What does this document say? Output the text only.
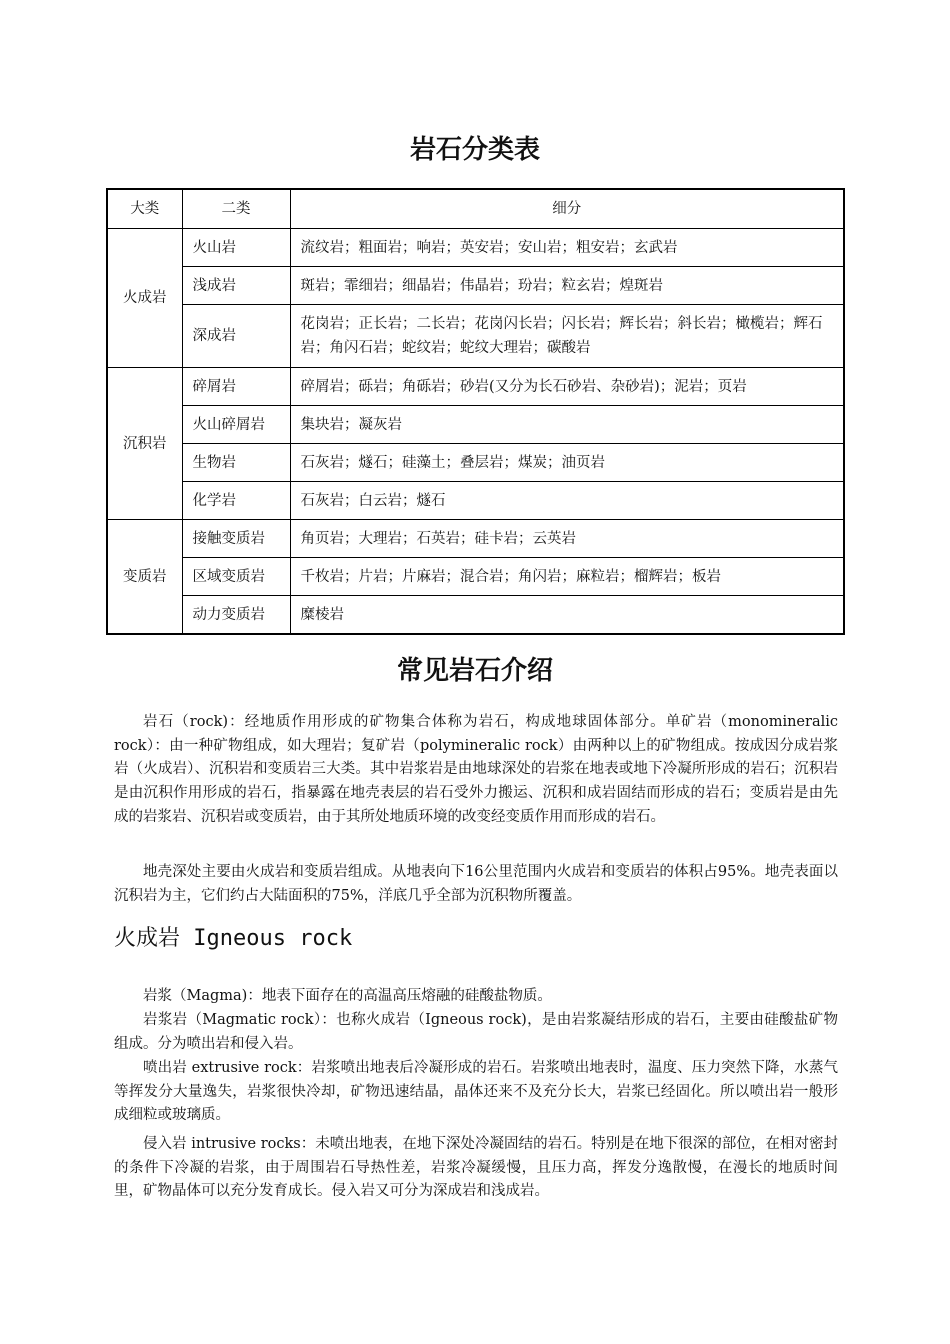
岩石分类表
大类	二类	细分
火成岩	火山岩	流纹岩；粗面岩；响岩；英安岩；安山岩；粗安岩；玄武岩
	浅成岩	斑岩；霏细岩；细晶岩；伟晶岩；玢岩；粒玄岩；煌斑岩
	深成岩	花岗岩；正长岩；二长岩；花岗闪长岩；闪长岩；辉长岩；斜长岩；橄榄岩；辉石岩；角闪石岩；蛇纹岩；蛇纹大理岩；碳酸岩
沉积岩	碎屑岩	碎屑岩；砾岩；角砾岩；砂岩(又分为长石砂岩、杂砂岩)；泥岩；页岩
	火山碎屑岩	集块岩；凝灰岩
	生物岩	石灰岩；燧石；硅藻土；叠层岩；煤炭；油页岩
	化学岩	石灰岩；白云岩；燧石
变质岩	接触变质岩	角页岩；大理岩；石英岩；硅卡岩；云英岩
	区域变质岩	千枚岩；片岩；片麻岩；混合岩；角闪岩；麻粒岩；榴辉岩；板岩
	动力变质岩	糜棱岩
常见岩石介绍

岩石（rock)：经地质作用形成的矿物集合体称为岩石，构成地球固体部分。单矿岩（monomineralic rock）：由一种矿物组成，如大理岩；复矿岩（polymineralic rock）由两种以上的矿物组成。按成因分成岩浆岩（火成岩）、沉积岩和变质岩三大类。其中岩浆岩是由地球深处的岩浆在地表或地下冷凝所形成的岩石；沉积岩是由沉积作用形成的岩石，指暴露在地壳表层的岩石受外力搬运、沉积和成岩固结而形成的岩石；变质岩是由先成的岩浆岩、沉积岩或变质岩，由于其所处地质环境的改变经变质作用而形成的岩石。

地壳深处主要由火成岩和变质岩组成。从地表向下16公里范围内火成岩和变质岩的体积占95%。地壳表面以沉积岩为主，它们约占大陆面积的75%，洋底几乎全部为沉积物所覆盖。

火成岩 Igneous rock

岩浆（Magma)：地表下面存在的高温高压熔融的硅酸盐物质。

岩浆岩（Magmatic rock）：也称火成岩（Igneous rock)，是由岩浆凝结形成的岩石，主要由硅酸盐矿物组成。分为喷出岩和侵入岩。

喷出岩 extrusive rock：岩浆喷出地表后冷凝形成的岩石。岩浆喷出地表时，温度、压力突然下降，水蒸气等挥发分大量逸失，岩浆很快冷却，矿物迅速结晶，晶体还来不及充分长大，岩浆已经固化。所以喷出岩一般形成细粒或玻璃质。

侵入岩 intrusive rocks：未喷出地表，在地下深处冷凝固结的岩石。特别是在地下很深的部位，在相对密封的条件下冷凝的岩浆，由于周围岩石导热性差，岩浆冷凝缓慢，且压力高，挥发分逸散慢，在漫长的地质时间里，矿物晶体可以充分发育成长。侵入岩又可分为深成岩和浅成岩。
